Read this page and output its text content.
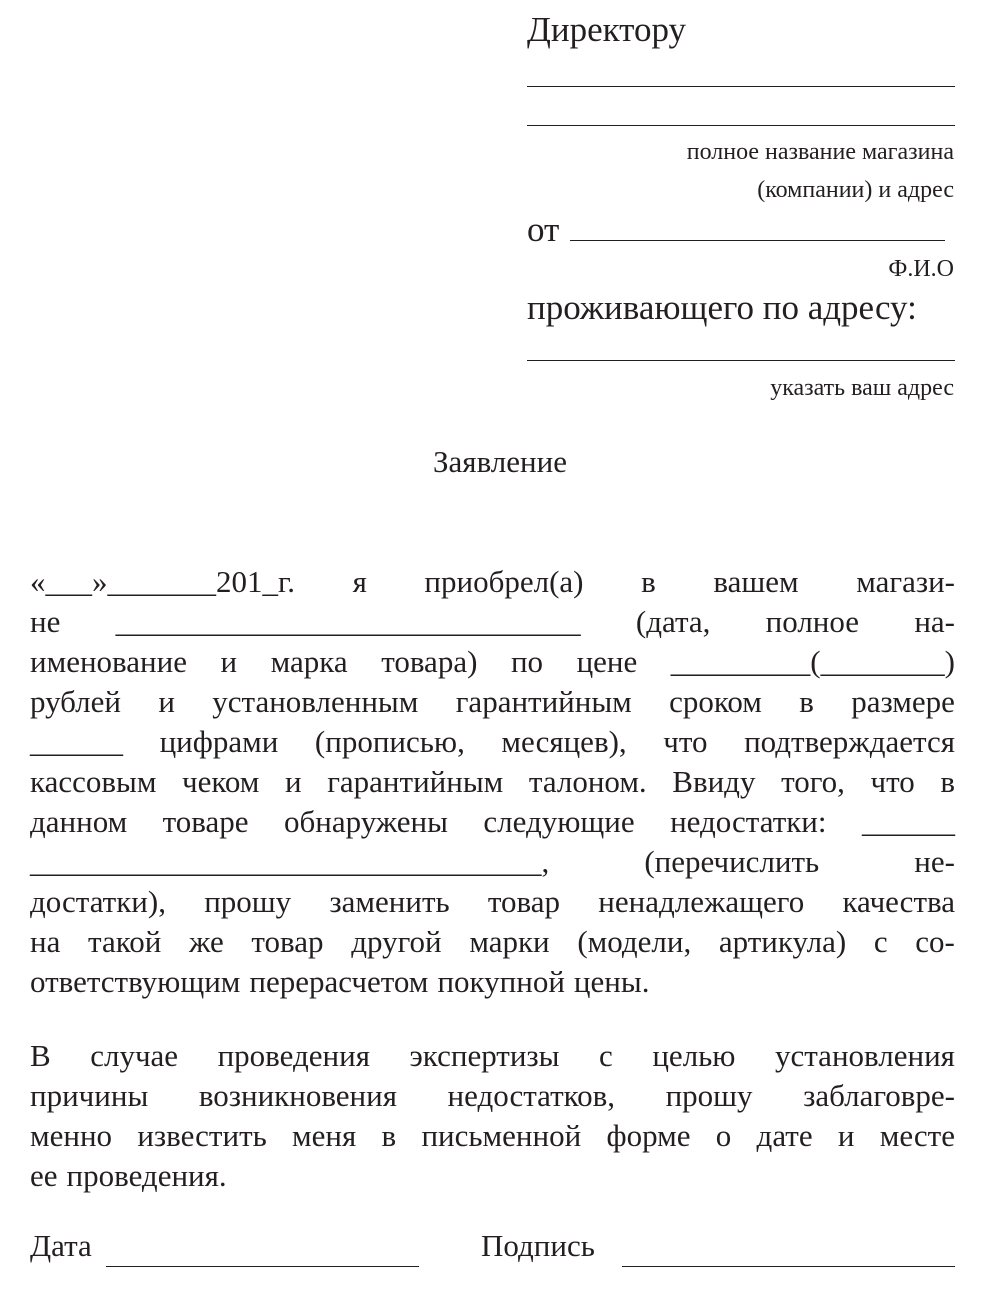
Директору
полное название магазина
(компании) и адрес
от
Ф.И.О
проживающего по адресу:
указать ваш адрес
Заявление
«___»_______201_г. я приобрел(а) в вашем магази-
не ______________________________ (дата, полное на-
именование и марка товара) по цене _________(________)
рублей и установленным гарантийным сроком в размере
______ цифрами (прописью, месяцев), что подтверждается
кассовым чеком и гарантийным талоном. Ввиду того, что в
данном товаре обнаружены следующие недостатки: ______
_________________________________,	(перечислить	не-
достатки), прошу заменить товар ненадлежащего качества
на такой же товар другой марки (модели, артикула) с со-
ответствующим перерасчетом покупной цены.
В случае проведения экспертизы с целью установления
причины возникновения недостатков, прошу заблаговре-
менно известить меня в письменной форме о дате и месте
ее проведения.
Дата	Подпись
